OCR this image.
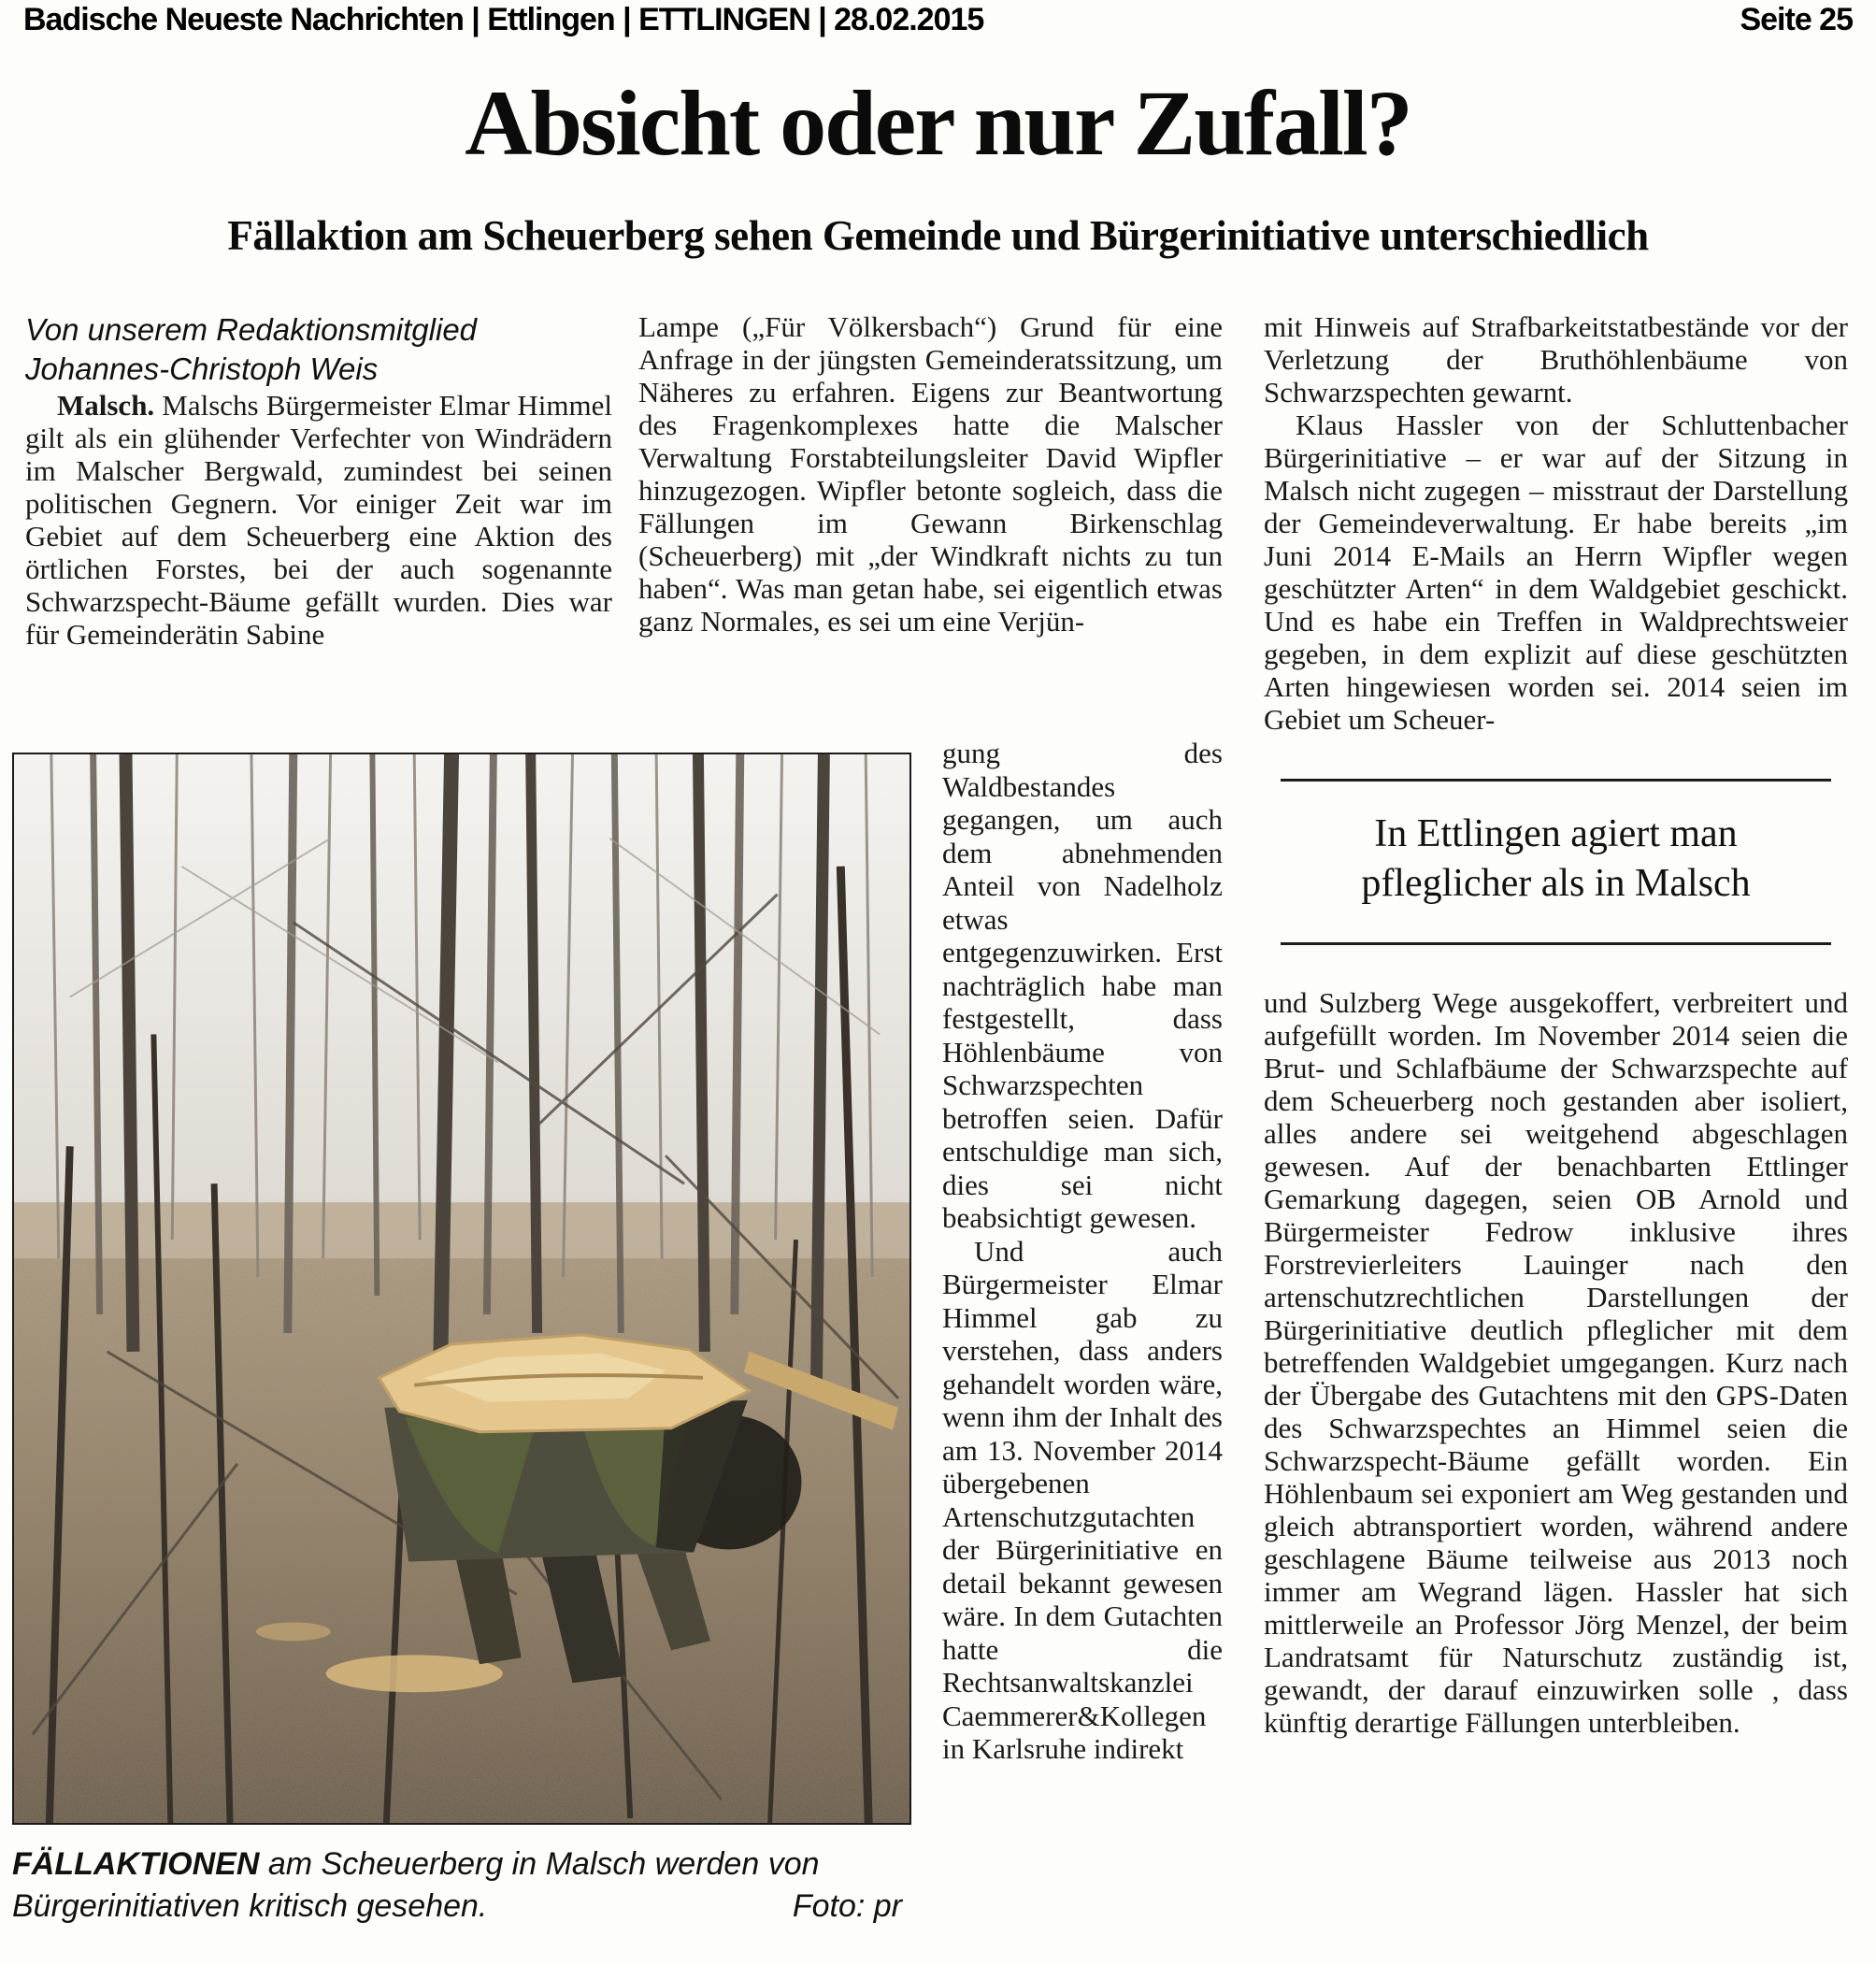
Badische Neueste Nachrichten | Ettlingen | ETTLINGEN | 28.02.2015	Seite 25
Absicht oder nur Zufall?
Fällaktion am Scheuerberg sehen Gemeinde und Bürgerinitiative unterschiedlich

Von unserem Redaktionsmitglied
Johannes-Christoph Weis

Malsch. Malschs Bürgermeister Elmar Himmel gilt als ein glühender Verfechter von Windrädern im Malscher Bergwald, zumindest bei seinen politischen Gegnern. Vor einiger Zeit war im Gebiet auf dem Scheuerberg eine Aktion des örtlichen Forstes, bei der auch sogenannte Schwarzspecht-Bäume gefällt wurden. Dies war für Gemeinderätin Sabine

Lampe („Für Völkersbach“) Grund für eine Anfrage in der jüngsten Gemeinderatssitzung, um Näheres zu erfahren. Eigens zur Beantwortung des Fragenkomplexes hatte die Malscher Verwaltung Forstabteilungsleiter David Wipfler hinzugezogen. Wipfler betonte sogleich, dass die Fällungen im Gewann Birkenschlag (Scheuerberg) mit „der Windkraft nichts zu tun haben“. Was man getan habe, sei eigentlich etwas ganz Normales, es sei um eine Verjün-

gung des Waldbestandes gegangen, um auch dem abnehmenden Anteil von Nadelholz etwas entgegenzuwirken. Erst nachträglich habe man festgestellt, dass Höhlenbäume von Schwarzspechten betroffen seien. Dafür entschuldige man sich, dies sei nicht beabsichtigt gewesen.

Und auch Bürgermeister Elmar Himmel gab zu verstehen, dass anders gehandelt worden wäre, wenn ihm der Inhalt des am 13. November 2014 übergebenen Artenschutzgutachten der Bürgerinitiative en detail bekannt gewesen wäre. In dem Gutachten hatte die Rechtsanwaltskanzlei Caemmerer&Kollegen in Karlsruhe indirekt

mit Hinweis auf Strafbarkeitstatbestände vor der Verletzung der Bruthöhlenbäume von Schwarzspechten gewarnt.

Klaus Hassler von der Schluttenbacher Bürgerinitiative – er war auf der Sitzung in Malsch nicht zugegen – misstraut der Darstellung der Gemeindeverwaltung. Er habe bereits „im Juni 2014 E-Mails an Herrn Wipfler wegen geschützter Arten“ in dem Waldgebiet geschickt. Und es habe ein Treffen in Waldprechtsweier gegeben, in dem explizit auf diese geschützten Arten hingewiesen worden sei. 2014 seien im Gebiet um Scheuer-

In Ettlingen agiert man
pfleglicher als in Malsch

und Sulzberg Wege ausgekoffert, verbreitert und aufgefüllt worden. Im November 2014 seien die Brut- und Schlafbäume der Schwarzspechte auf dem Scheuerberg noch gestanden aber isoliert, alles andere sei weitgehend abgeschlagen gewesen. Auf der benachbarten Ettlinger Gemarkung dagegen, seien OB Arnold und Bürgermeister Fedrow inklusive ihres Forstrevierleiters Lauinger nach den artenschutzrechtlichen Darstellungen der Bürgerinitiative deutlich pfleglicher mit dem betreffenden Waldgebiet umgegangen. Kurz nach der Übergabe des Gutachtens mit den GPS-Daten des Schwarzspechtes an Himmel seien die Schwarzspecht-Bäume gefällt worden. Ein Höhlenbaum sei exponiert am Weg gestanden und gleich abtransportiert worden, während andere geschlagene Bäume teilweise aus 2013 noch immer am Wegrand lägen. Hassler hat sich mittlerweile an Professor Jörg Menzel, der beim Landratsamt für Naturschutz zuständig ist, gewandt, der darauf einzuwirken solle , dass künftig derartige Fällungen unterbleiben.

FÄLLAKTIONEN am Scheuerberg in Malsch werden von Bürgerinitiativen kritisch gesehen.	Foto: pr
